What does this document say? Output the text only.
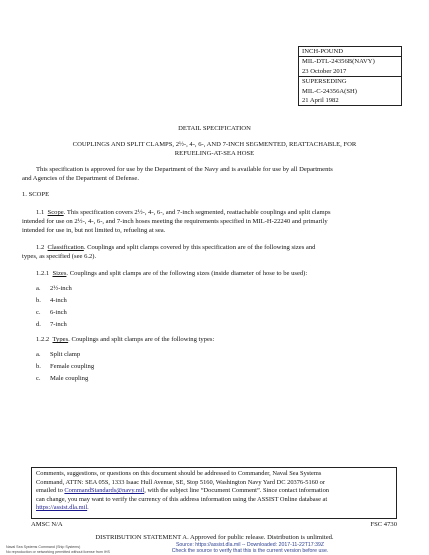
INCH-POUND
MIL-DTL-24356B(NAVY)
23 October 2017
SUPERSEDING
MIL-C-24356A(SH)
21 April 1982
DETAIL SPECIFICATION
COUPLINGS AND SPLIT CLAMPS, 2½-, 4-, 6-, AND 7-INCH SEGMENTED, REATTACHABLE, FOR
REFUELING-AT-SEA HOSE
This specification is approved for use by the Department of the Navy and is available for use by all Departments
and Agencies of the Department of Defense.
1. SCOPE
1.1 Scope. This specification covers 2½-, 4-, 6-, and 7-inch segmented, reattachable couplings and split clamps
intended for use on 2½-, 4-, 6-, and 7-inch hoses meeting the requirements specified in MIL-H-22240 and primarily
intended for use in, but not limited to, refueling at sea.
1.2 Classification. Couplings and split clamps covered by this specification are of the following sizes and
types, as specified (see 6.2).
1.2.1 Sizes. Couplings and split clamps are of the following sizes (inside diameter of hose to be used):
a. 2½-inch
b. 4-inch
c. 6-inch
d. 7-inch
1.2.2 Types. Couplings and split clamps are of the following types:
a. Split clamp
b. Female coupling
c. Male coupling
Comments, suggestions, or questions on this document should be addressed to Commander, Naval Sea Systems
Command, ATTN: SEA 05S, 1333 Isaac Hull Avenue, SE, Stop 5160, Washington Navy Yard DC 20376-5160 or
emailed to CommandStandards@navy.mil, with the subject line “Document Comment”. Since contact information
can change, you may want to verify the currency of this address information using the ASSIST Online database at
https://assist.dla.mil.
AMSC N/A	FSC 4730
DISTRIBUTION STATEMENT A. Approved for public release. Distribution is unlimited.
Naval Sea Systems Command (Ship Systems)
No reproduction or networking permitted without license from IHS
Source: https://assist.dla.mil -- Downloaded: 2017-11-22T17:39Z
Check the source to verify that this is the current version before use.
